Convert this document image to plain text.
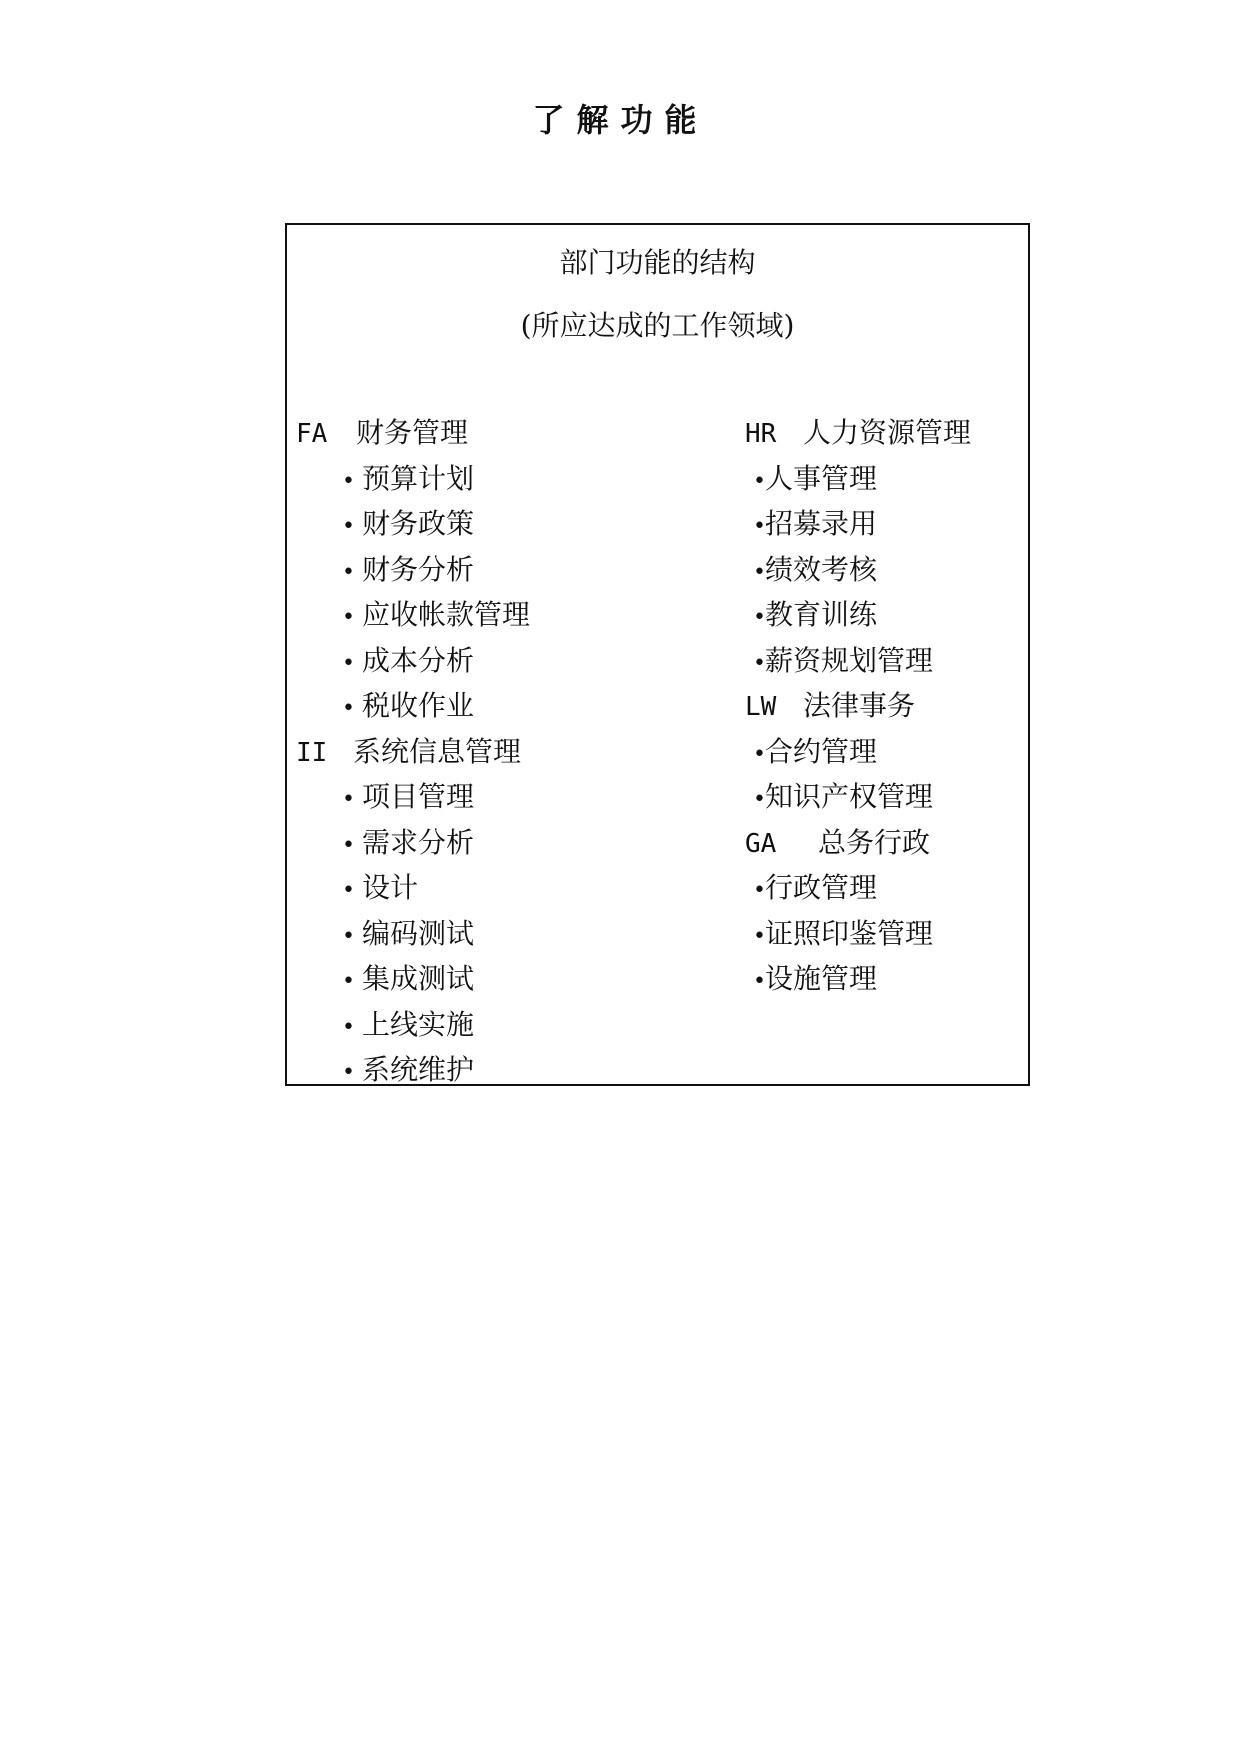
了解功能
部门功能的结构
(所应达成的工作领域)
FA 财务管理
• 预算计划
• 财务政策
• 财务分析
• 应收帐款管理
• 成本分析
• 税收作业
II 系统信息管理
• 项目管理
• 需求分析
• 设计
• 编码测试
• 集成测试
• 上线实施
• 系统维护
HR 人力资源管理
•人事管理
•招募录用
•绩效考核
•教育训练
•薪资规划管理
LW 法律事务
•合约管理
•知识产权管理
GA 总务行政
•行政管理
•证照印鉴管理
•设施管理
